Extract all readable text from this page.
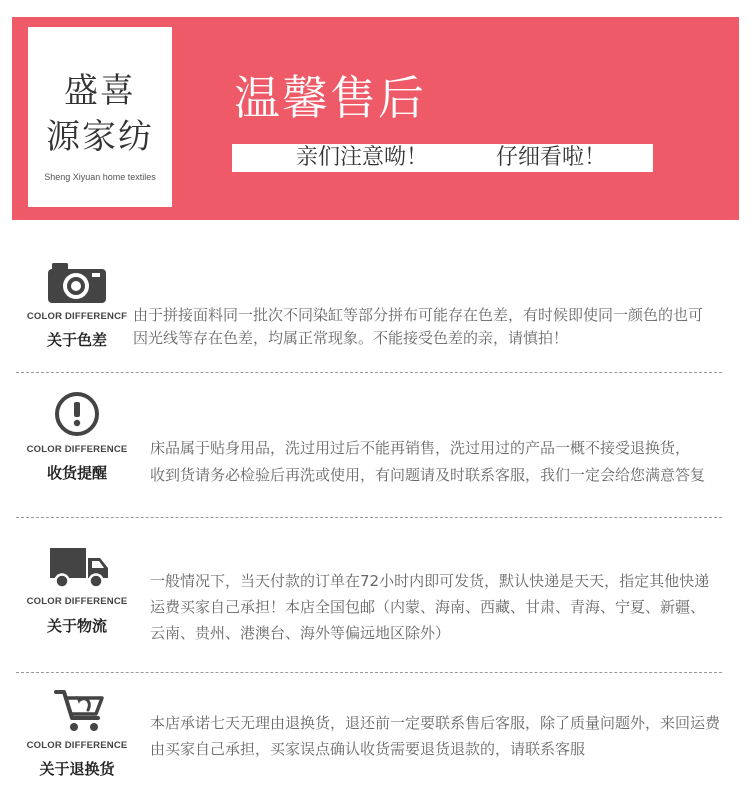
盛喜
源家纺
Sheng Xiyuan home textiles
温馨售后
亲们注意呦！	仔细看啦！
COLOR DIFFERENCF
关于色差
由于拼接面料同一批次不同染缸等部分拼布可能存在色差，有时候即使同一颜色的也可
因光线等存在色差，均属正常现象。不能接受色差的亲，请慎拍！
COLOR DIFFERENCE
收货提醒
床品属于贴身用品，洗过用过后不能再销售，洗过用过的产品一概不接受退换货，
收到货请务必检验后再洗或使用，有问题请及时联系客服，我们一定会给您满意答复
COLOR DIFFERENCE
关于物流
一般情况下，当天付款的订单在72小时内即可发货，默认快递是天天，指定其他快递
运费买家自己承担！本店全国包邮（内蒙、海南、西藏、甘肃、青海、宁夏、新疆、
云南、贵州、港澳台、海外等偏远地区除外）
COLOR DIFFERENCE
关于退换货
本店承诺七天无理由退换货，退还前一定要联系售后客服，除了质量问题外，来回运费
由买家自己承担，买家误点确认收货需要退货退款的，请联系客服
